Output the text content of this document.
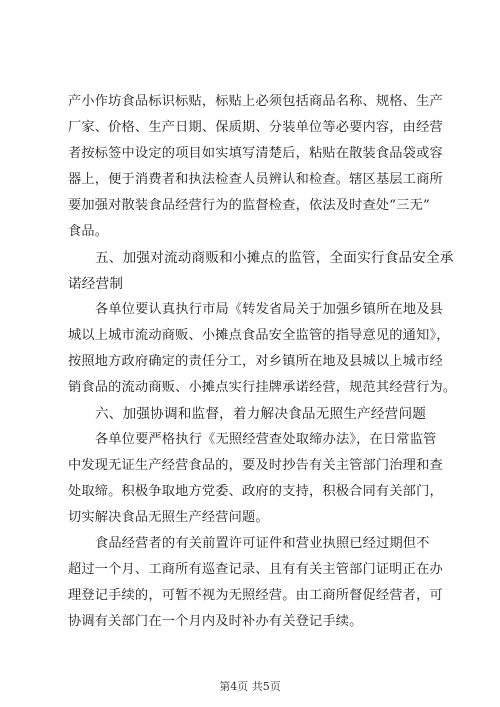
产小作坊食品标识标贴，标贴上必须包括商品名称、规格、生产
厂家、价格、生产日期、保质期、分装单位等必要内容，由经营
者按标签中设定的项目如实填写清楚后，粘贴在散装食品袋或容
器上，便于消费者和执法检查人员辨认和检查。辖区基层工商所
要加强对散装食品经营行为的监督检查，依法及时查处“三无”
食品。
五、加强对流动商贩和小摊点的监管，全面实行食品安全承
诺经营制
各单位要认真执行市局《转发省局关于加强乡镇所在地及县
城以上城市流动商贩、小摊点食品安全监管的指导意见的通知》，
按照地方政府确定的责任分工，对乡镇所在地及县城以上城市经
销食品的流动商贩、小摊点实行挂牌承诺经营，规范其经营行为。
六、加强协调和监督，着力解决食品无照生产经营问题
各单位要严格执行《无照经营查处取缔办法》，在日常监管
中发现无证生产经营食品的，要及时抄告有关主管部门治理和查
处取缔。积极争取地方党委、政府的支持，积极合同有关部门，
切实解决食品无照生产经营问题。
食品经营者的有关前置许可证件和营业执照已经过期但不
超过一个月、工商所有巡查记录、且有有关主管部门证明正在办
理登记手续的，可暂不视为无照经营。由工商所督促经营者，可
协调有关部门在一个月内及时补办有关登记手续。
第4页 共5页
